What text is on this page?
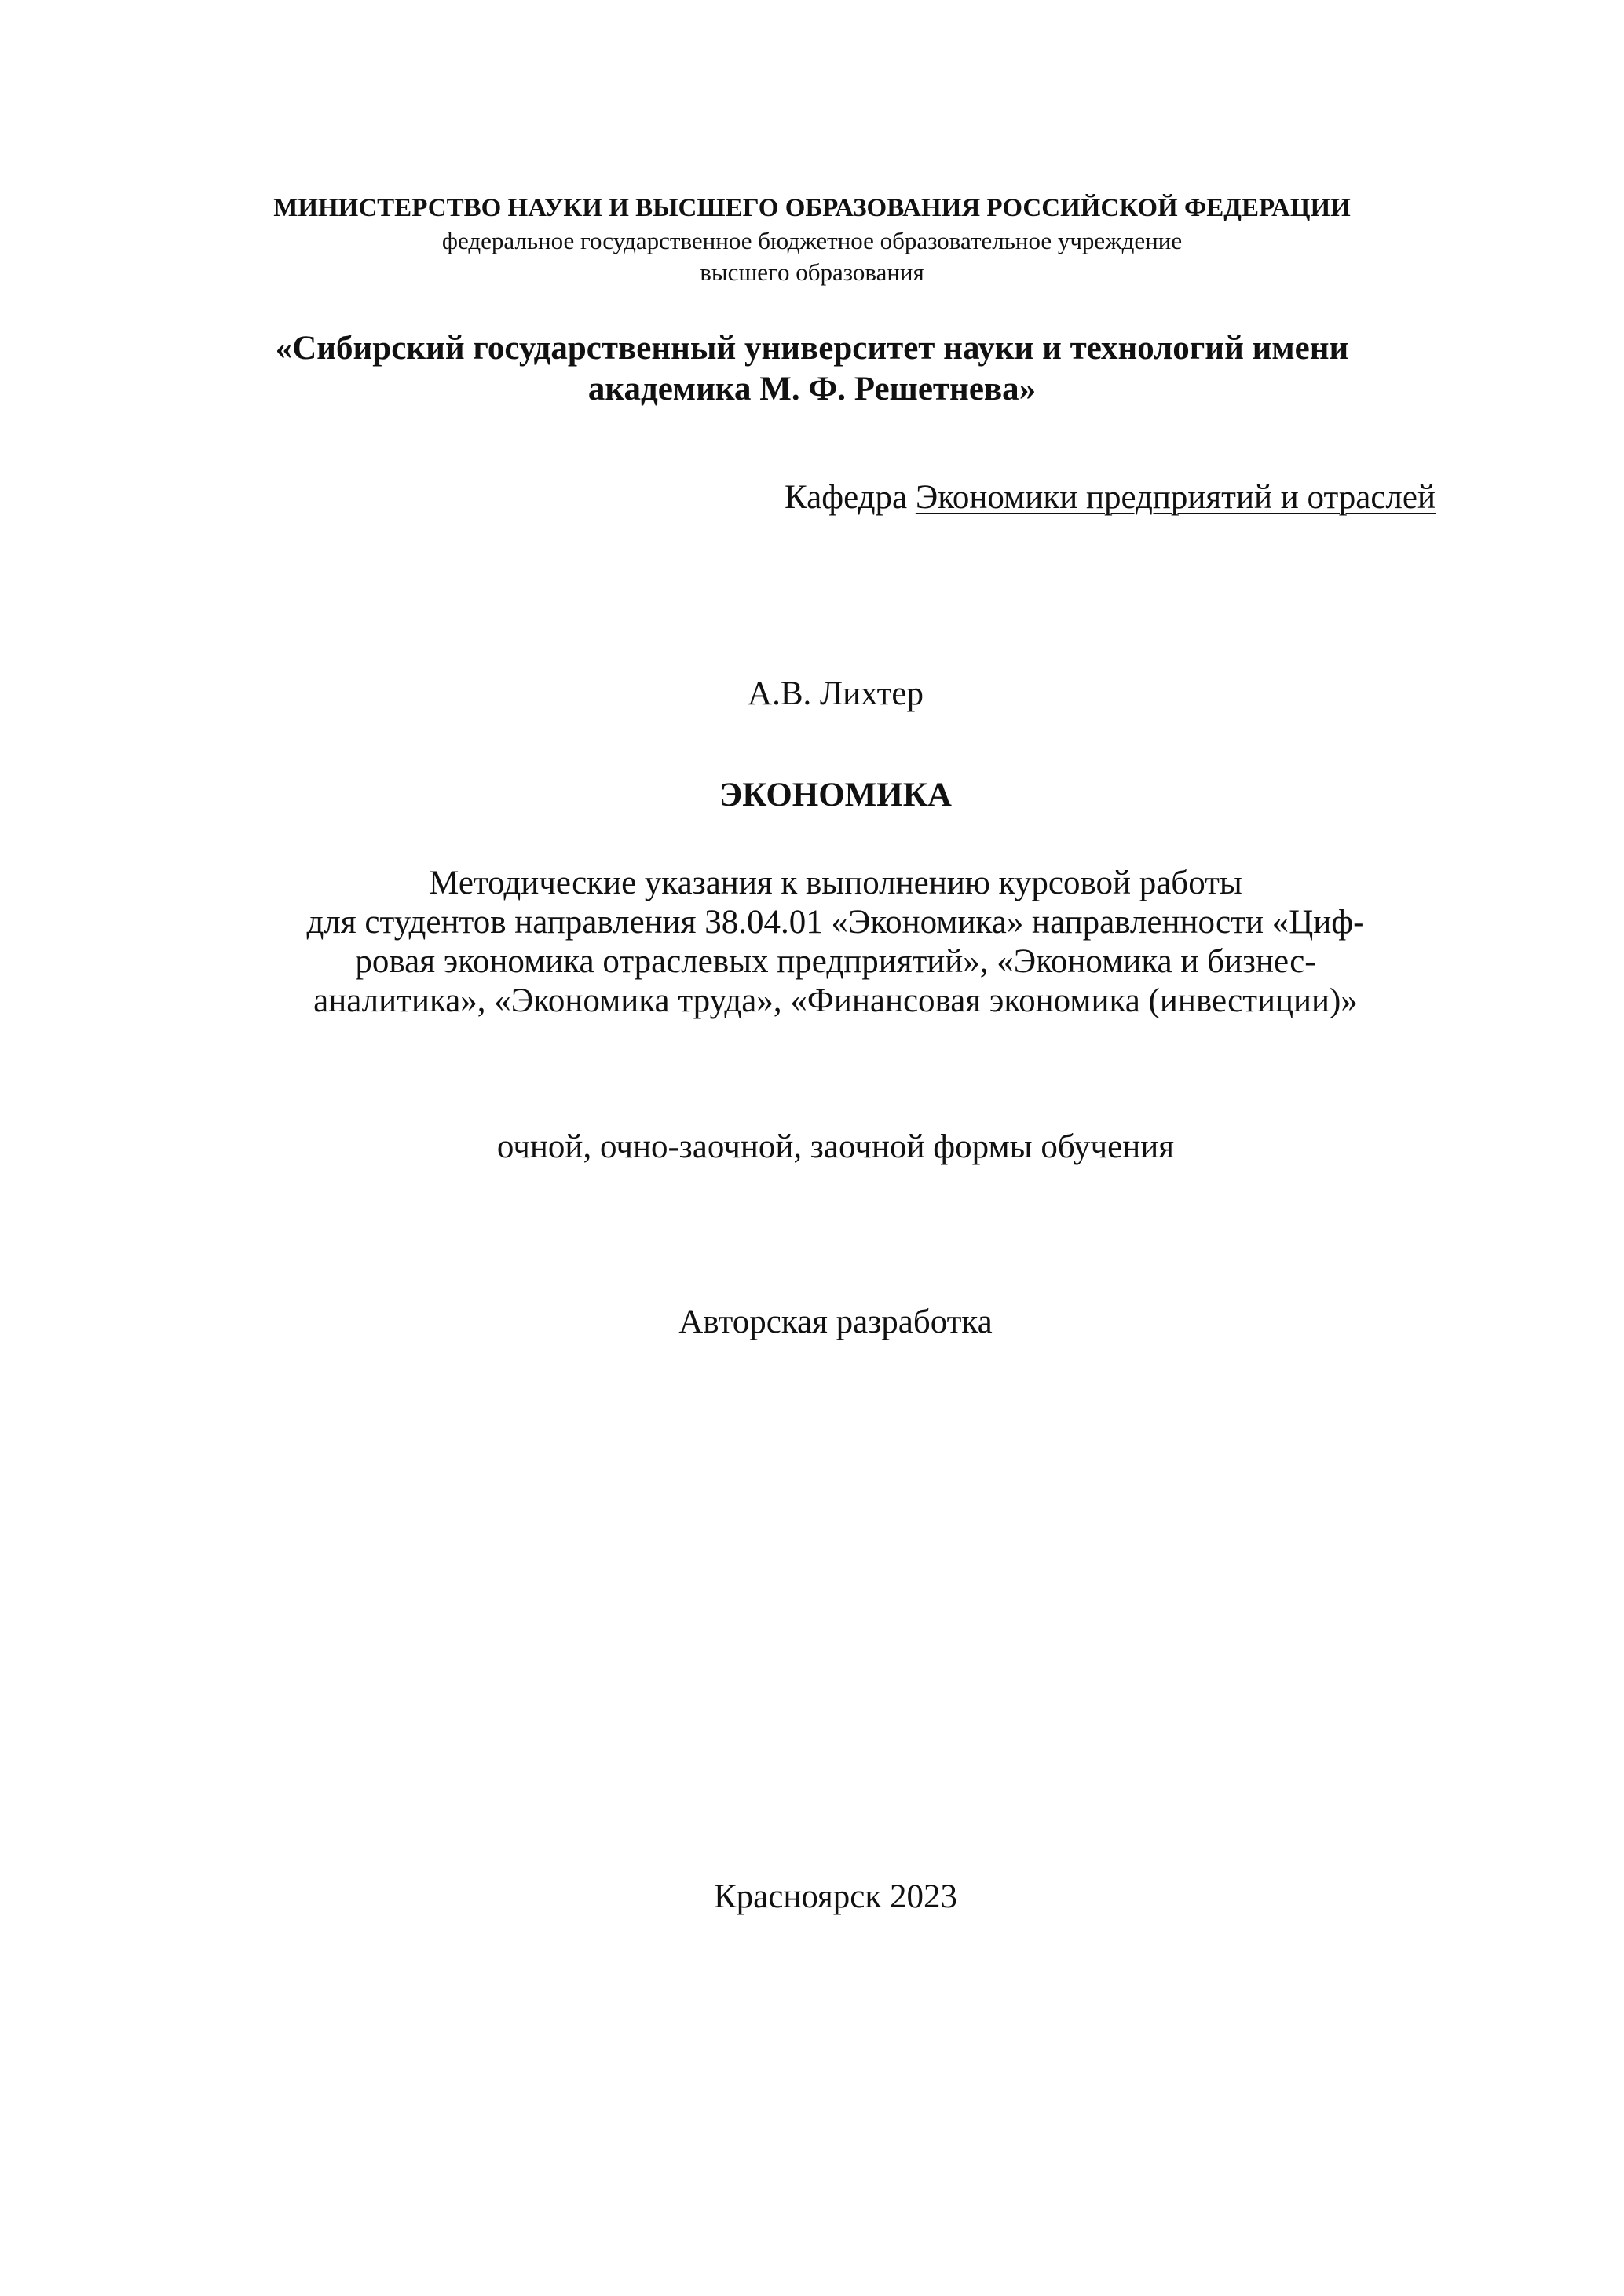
МИНИСТЕРСТВО НАУКИ И ВЫСШЕГО ОБРАЗОВАНИЯ РОССИЙСКОЙ ФЕДЕРАЦИИ
федеральное государственное бюджетное образовательное учреждение
высшего образования
«Сибирский государственный университет науки и технологий имени
академика М. Ф. Решетнева»
Кафедра Экономики предприятий и отраслей
А.В. Лихтер
ЭКОНОМИКА
Методические указания к выполнению курсовой работы
для студентов направления 38.04.01 «Экономика» направленности «Циф-
ровая экономика отраслевых предприятий», «Экономика и бизнес-
аналитика», «Экономика труда», «Финансовая экономика (инвестиции)»
очной, очно-заочной, заочной формы обучения
Авторская разработка
Красноярск 2023
